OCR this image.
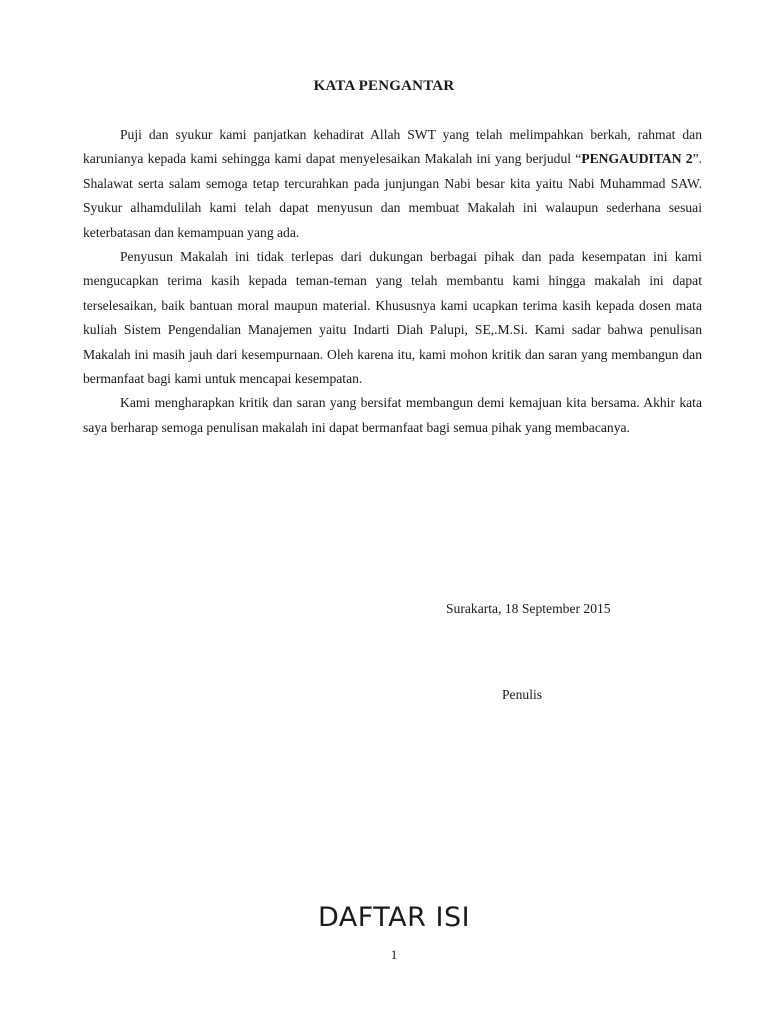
KATA PENGANTAR

Puji dan syukur kami panjatkan kehadirat Allah SWT yang telah melimpahkan berkah, rahmat dan karunianya kepada kami sehingga kami dapat menyelesaikan Makalah ini yang berjudul “PENGAUDITAN 2”. Shalawat serta salam semoga tetap tercurahkan pada junjungan Nabi besar kita yaitu Nabi Muhammad SAW. Syukur alhamdulilah kami telah dapat menyusun dan membuat Makalah ini walaupun sederhana sesuai keterbatasan dan kemampuan yang ada.

Penyusun Makalah ini tidak terlepas dari dukungan berbagai pihak dan pada kesempatan ini kami mengucapkan terima kasih kepada teman-teman yang telah membantu kami hingga makalah ini dapat terselesaikan, baik bantuan moral maupun material. Khususnya kami ucapkan terima kasih kepada dosen mata kuliah Sistem Pengendalian Manajemen yaitu Indarti Diah Palupi, SE,.M.Si. Kami sadar bahwa penulisan Makalah ini masih jauh dari kesempurnaan. Oleh karena itu, kami mohon kritik dan saran yang membangun dan bermanfaat bagi kami untuk mencapai kesempatan.

Kami mengharapkan kritik dan saran yang bersifat membangun demi kemajuan kita bersama. Akhir kata saya berharap semoga penulisan makalah ini dapat bermanfaat bagi semua pihak yang membacanya.

Surakarta, 18 September 2015
Penulis
DAFTAR ISI
1
